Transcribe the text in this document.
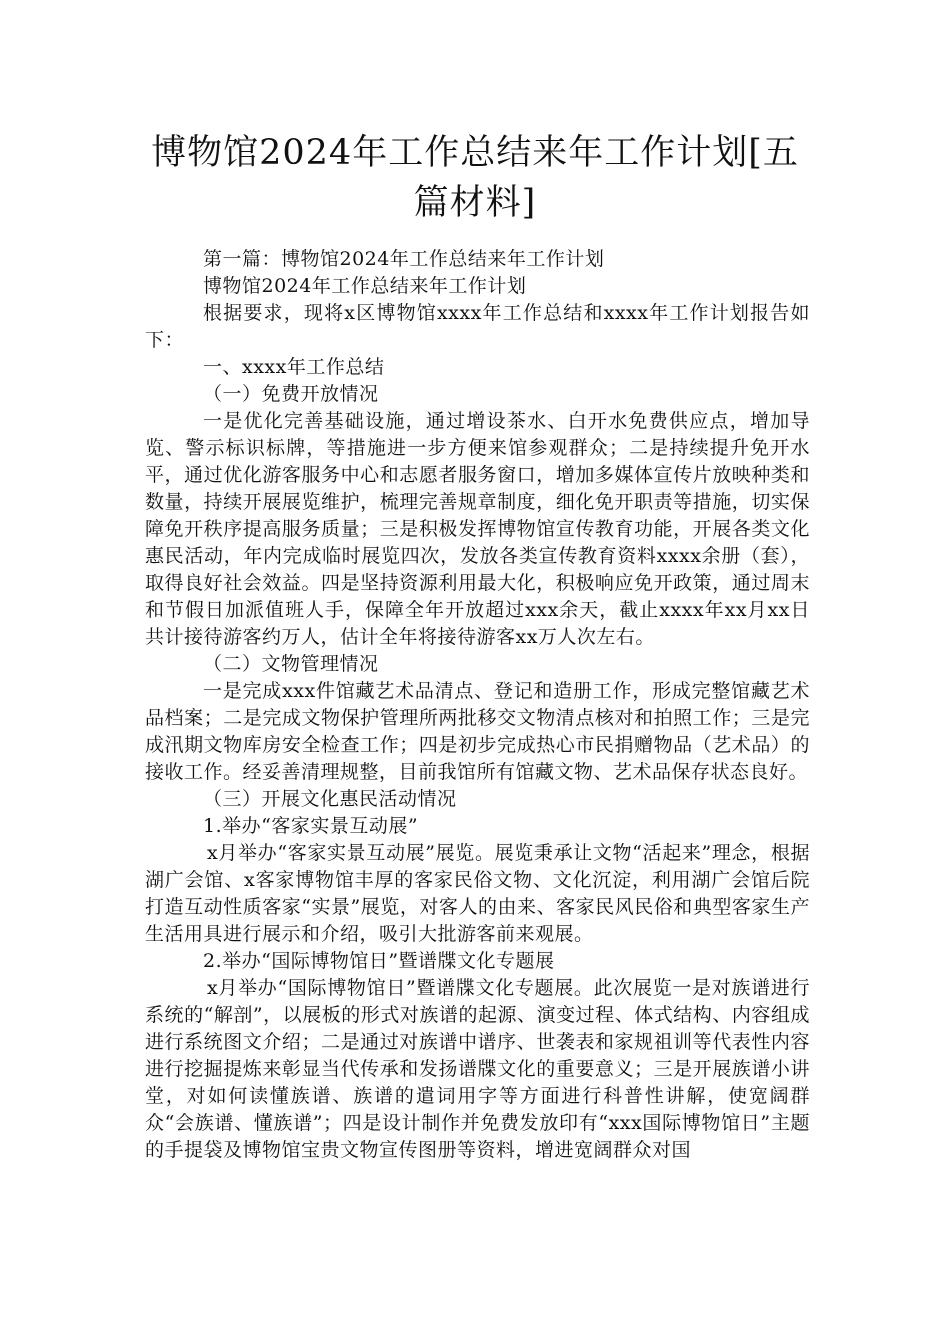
博物馆2024年工作总结来年工作计划[五篇材料]

第一篇：博物馆2024年工作总结来年工作计划

博物馆2024年工作总结来年工作计划

根据要求，现将x区博物馆xxxx年工作总结和xxxx年工作计划报告如下：

一、xxxx年工作总结

（一）免费开放情况

一是优化完善基础设施，通过增设茶水、白开水免费供应点，增加导览、警示标识标牌，等措施进一步方便来馆参观群众；二是持续提升免开水平，通过优化游客服务中心和志愿者服务窗口，增加多媒体宣传片放映种类和数量，持续开展展览维护，梳理完善规章制度，细化免开职责等措施，切实保障免开秩序提高服务质量；三是积极发挥博物馆宣传教育功能，开展各类文化惠民活动，年内完成临时展览四次，发放各类宣传教育资料xxxx余册（套），取得良好社会效益。四是坚持资源利用最大化，积极响应免开政策，通过周末和节假日加派值班人手，保障全年开放超过xxx余天，截止xxxx年xx月xx日共计接待游客约万人，估计全年将接待游客xx万人次左右。

（二）文物管理情况

一是完成xxx件馆藏艺术品清点、登记和造册工作，形成完整馆藏艺术品档案；二是完成文物保护管理所两批移交文物清点核对和拍照工作；三是完成汛期文物库房安全检查工作；四是初步完成热心市民捐赠物品（艺术品）的接收工作。经妥善清理规整，目前我馆所有馆藏文物、艺术品保存状态良好。

（三）开展文化惠民活动情况

1.举办“客家实景互动展”

x月举办“客家实景互动展”展览。展览秉承让文物“活起来”理念，根据湖广会馆、x客家博物馆丰厚的客家民俗文物、文化沉淀，利用湖广会馆后院打造互动性质客家“实景”展览，对客人的由来、客家民风民俗和典型客家生产生活用具进行展示和介绍，吸引大批游客前来观展。

2.举办“国际博物馆日”暨谱牒文化专题展

x月举办“国际博物馆日”暨谱牒文化专题展。此次展览一是对族谱进行系统的“解剖”，以展板的形式对族谱的起源、演变过程、体式结构、内容组成进行系统图文介绍；二是通过对族谱中谱序、世袭表和家规祖训等代表性内容进行挖掘提炼来彰显当代传承和发扬谱牒文化的重要意义；三是开展族谱小讲堂，对如何读懂族谱、族谱的遣词用字等方面进行科普性讲解，使宽阔群众“会族谱、懂族谱”；四是设计制作并免费发放印有“xxx国际博物馆日”主题的手提袋及博物馆宝贵文物宣传图册等资料，增进宽阔群众对国
